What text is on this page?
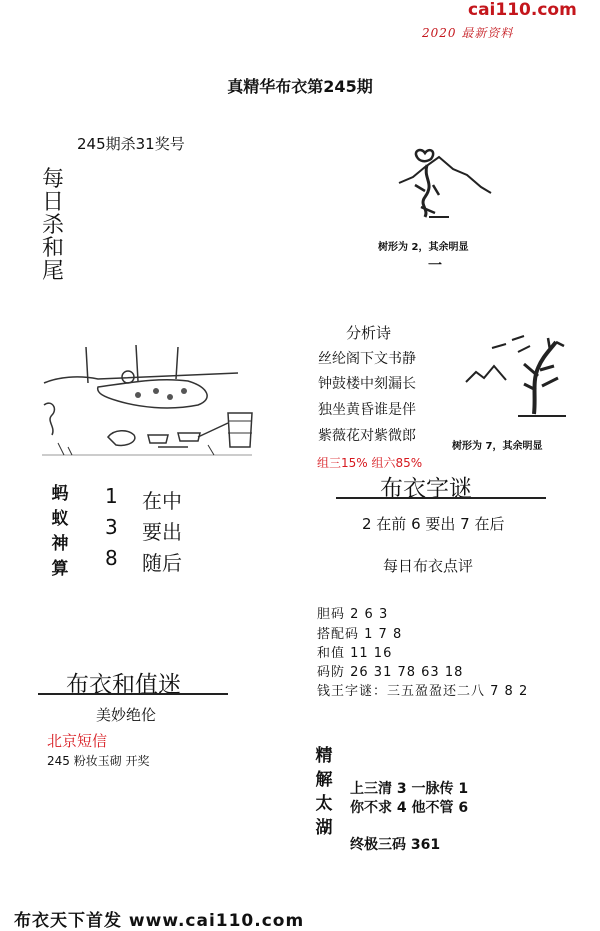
cai110.com
2020 最新资料
真精华布衣第245期
245期杀31奖号
每
日
杀
和
尾
树形为 2，其余明显
一
分析诗
丝纶阁下文书静
钟鼓楼中刻漏长
独坐黄昏谁是伴
紫薇花对紫微郎
组三15% 组六85%
树形为 7，其余明显
蚂
蚁
神
算
1 在中
3 要出
8 随后
布衣字谜
2 在前 6 要出 7 在后
每日布衣点评
胆码 2 6 3
搭配码 1 7 8
和值 11 16
码防 26 31 78 63 18
钱王字谜：三五盈盈还二八 7 8 2
布衣和值迷
美妙绝伦
北京短信
245 粉妆玉砌 开奖	精
解
太
湖
上三清 3 一脉传 1
你不求 4 他不管 6
终极三码 361
布衣天下首发 www.cai110.com
